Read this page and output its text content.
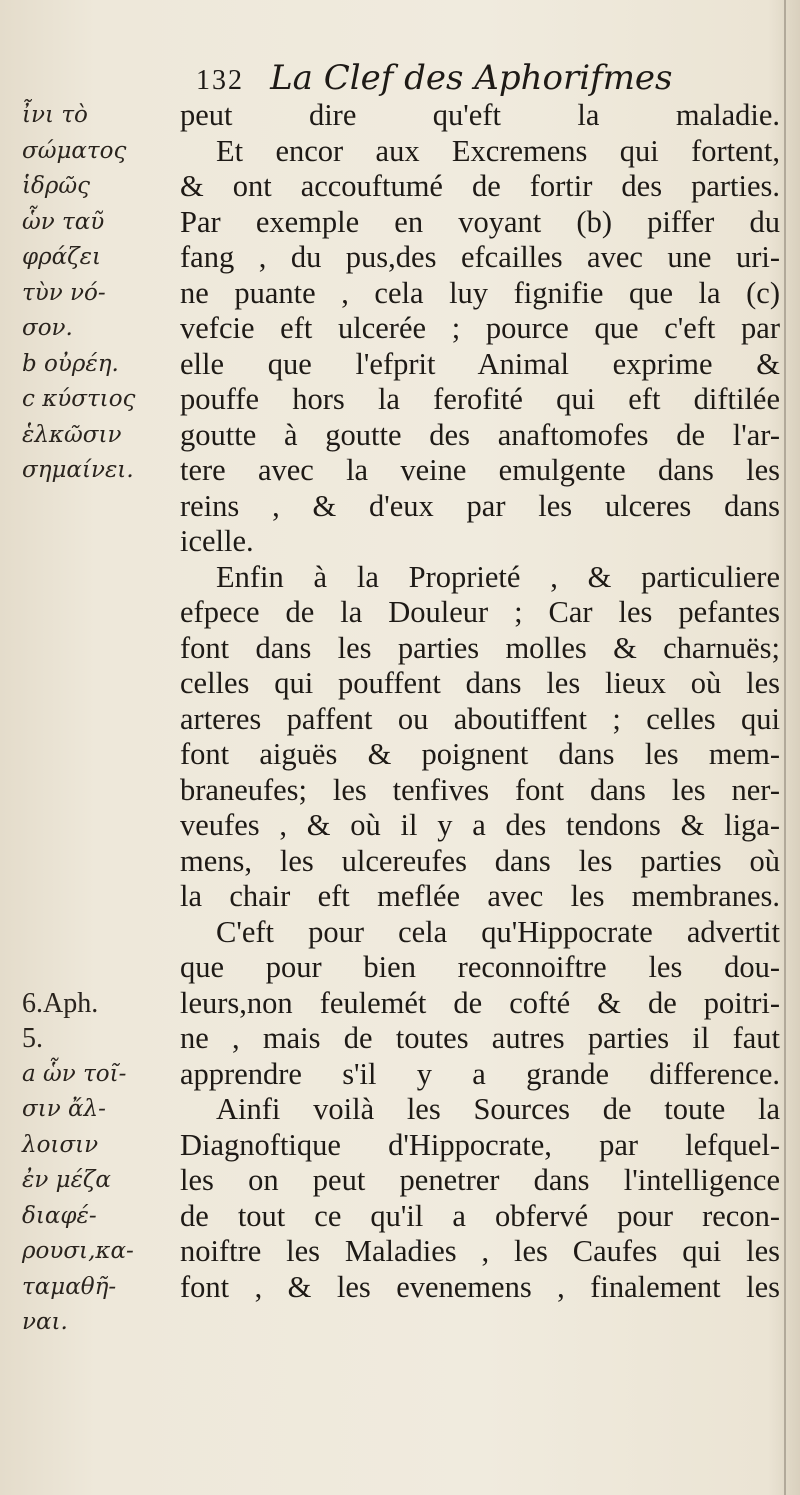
132 La Clef des Aphorifmes
ἶνι τὸ
σώματος
ἱδρῶς
ὧν ταῦ
φράζει
τὺν νό-
σον.
b οὐρέη.
c κύστιος
ἑλκῶσιν
σημαίνει.
6.Aph.
5.
a ὧν τοῖ-
σιν ἄλ-
λοισιν
ἐν μέζα
διαφέ-
ρουσι,κα-
ταμαθῆ-
ναι.
peut dire qu'eft la maladie.
Et encor aux Excremens qui fortent,
& ont accouftumé de fortir des parties.
Par exemple en voyant (b) piffer du
fang , du pus,des efcailles avec une uri-
ne puante , cela luy fignifie que la (c)
vefcie eft ulcerée ; pource que c'eft par
elle que l'efprit Animal exprime &
pouffe hors la ferofité qui eft diftilée
goutte à goutte des anaftomofes de l'ar-
tere avec la veine emulgente dans les
reins , & d'eux par les ulceres dans
icelle.
Enfin à la Proprieté , & particuliere
efpece de la Douleur ; Car les pefantes
font dans les parties molles & charnuës;
celles qui pouffent dans les lieux où les
arteres paffent ou aboutiffent ; celles qui
font aiguës & poignent dans les mem-
braneufes; les tenfives font dans les ner-
veufes , & où il y a des tendons & liga-
mens, les ulcereufes dans les parties où
la chair eft meflée avec les membranes.
C'eft pour cela qu'Hippocrate advertit
que pour bien reconnoiftre les dou-
leurs,non feulemét de cofté & de poitri-
ne , mais de toutes autres parties il faut
apprendre s'il y a grande difference.
Ainfi voilà les Sources de toute la
Diagnoftique d'Hippocrate, par lefquel-
les on peut penetrer dans l'intelligence
de tout ce qu'il a obfervé pour recon-
noiftre les Maladies , les Caufes qui les
font , & les evenemens , finalement les
